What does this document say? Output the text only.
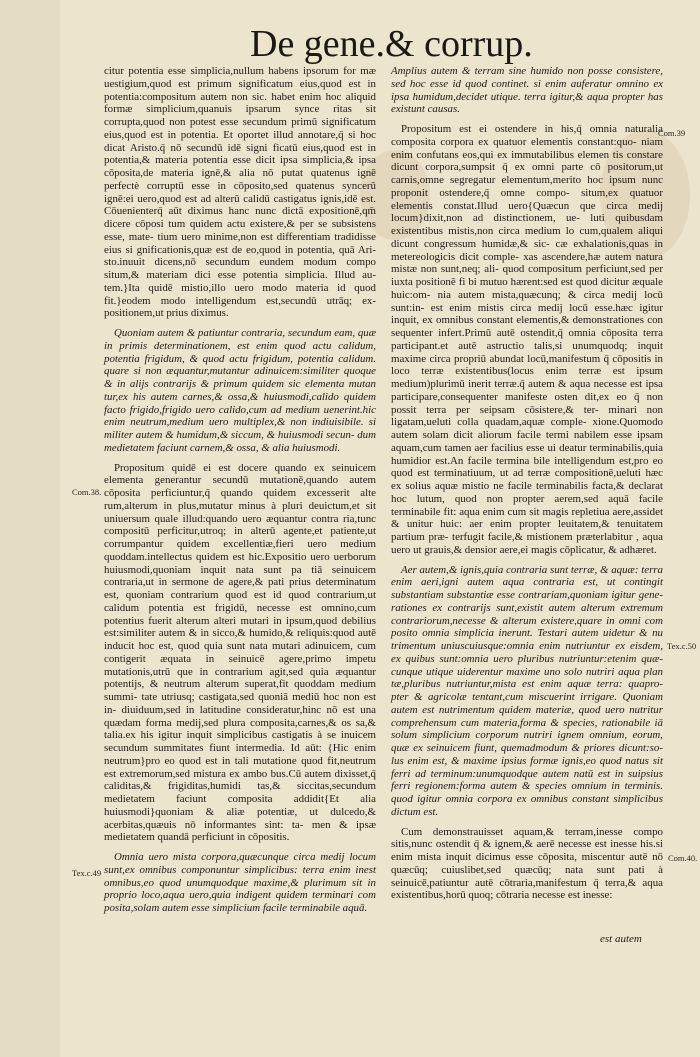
De gene.& corrup.
Com.39
Com.38.
Tex.c.50
Tex.c.49
Com.40.

citur potentia esse simplicia,nullum habens ipsorum for mæ uestigium,quod est primum significatum eius,quod est in potentia:compositum autem non sic. habet enim hoc aliquid formæ simplicium,quanuis ipsarum synce ritas sit corrupta,quod non potest esse secundum primū significatum eius,quod est in potentia. Et oportet illud annotare,q̄ si hoc dicat Aristo.q̄ nō secundū idē signi ficatū eius,quod est in potentia,& materia potentia esse dicit ipsa simplicia,& ipsa cōposita,de materia ignē,& alia nō putat quatenus ignē perfectè corruptū esse in cōposito,sed quatenus syncerū ignē:ei uero,quod est ad alterū calidū castigatus ignis,idē est. Cōuenienterq̄ aūt diximus hanc nunc dictā expositionē,qm̄ dicere cōposi tum quidem actu existere,& per se subsistens esse, mate- tium uero minime,non est differentiam tradidisse eius si gnificationis,quæ est de eo,quod in potentia, quā Ari- sto.inuuit dicens,nō secundum eundem modum compo situm,& materiam dici esse potentia simplicia. Illud au- tem.}Ita quidē mistio,illo uero modo materia id quod fit.}eodem modo intelligendum est,secundū utrāq; ex- positionem,ut prius diximus.

Quoniam autem & patiuntur contraria, secundum eam, quæ in primis determinationem, est enim quod actu calidum, potentia frigidum, & quod actu frigidum, potentia calidum. quare si non æquantur,mutantur adinuicem:similiter quoque & in alijs contrarijs & primum quidem sic elementa mutan tur,ex his autem carnes,& ossa,& huiusmodi,calido quidem facto frigido,frigido uero calido,cum ad medium uenerint.hic enim neutrum,medium uero multiplex,& non indiuisibile. si militer autem & humidum,& siccum, & huiusmodi secun- dum medietatem faciunt carnem,& ossa, & alia huiusmodi.

Propositum quidē ei est docere quando ex seinuicem elementa generantur secundū mutationē,quando autem cōposita perficiuntur,q̄ quando quidem excesserit alte rum,alterum in plus,mutatur minus à pluri deuictum,et sit uniuersum quale illud:quando uero æquantur contra ria,tunc compositū perficitur,utroq; in alterū agente,et patiente,ut corrumpantur quidem excellentiæ,fieri uero medium quoddam.intellectus quidem est hic.Expositio uero uerborum huiusmodi,quoniam inquit nata sunt pa tiā seinuicem contraria,ut in sermone de agere,& pati prius determinatum est, quoniam contrarium quod est id quod contrarium,ut calidum potentia est frigidū, necesse est omnino,cum potentius fuerit alterum alteri mutari in ipsum,quod debilius est:similiter autem & in sicco,& humido,& reliquis:quod autē inducit hoc est, quod quia sunt nata mutari adinuicem, cum contigerit æquata in seinuicē agere,primo impetu mutationis,utrū que in contrarium agit,sed quia æquantur potentijs, & neutrum alterum superat,fit quoddam medium summi- tate utriusq; castigata,sed quoniā mediū hoc non est in- diuiduum,sed in latitudine consideratur,hinc nō est una quædam forma medij,sed plura composita,carnes,& os sa,& talia.ex his igitur inquit simplicibus castigatis à se inuicem secundum summitates fiunt intermedia. Id aūt: {Hic enim neutrum}pro eo quod est in tali mutatione quod fit,neutrum est extremorum,sed mistura ex ambo bus.Cū autem dixisset,q̄ caliditas,& frigiditas,humidi tas,& siccitas,secundum medietatem faciunt composita addidit{Et alia huiusmodi}quoniam & aliæ potentiæ, ut dulcedo,& acerbitas,quæuis nō informantes sint: ta- men & ipsæ medietatem quandā perficiunt in cōpositis.

Omnia uero mista corpora,quæcunque circa medij locum sunt,ex omnibus componuntur simplicibus: terra enim inest omnibus,eo quod unumquodque maxime,& plurimum sit in proprio loco,aqua uero,quia indigent quidem terminari com posita,solam autem esse simplicium facile terminabile aquā.

Amplius autem & terram sine humido non posse consistere, sed hoc esse id quod continet. si enim auferatur omnino ex ipsa humidum,decidet utique. terra igitur,& aqua propter has existunt causas.

Propositum est ei ostendere in his,q̄ omnia naturalia composita corpora ex quatuor elementis constant:quo- niam enim confutans eos,qui ex immutabilibus elemen tis constare dicunt corpora,sumpsit q̄ ex omni parte cō positorum,ut carnis,omne segregatur elementum,merito hoc ipsum nunc proponit ostendere,q̄ omne compo- situm,ex quatuor elementis constat.Illud uero{Quæcun que circa medij locum}dixit,non ad distinctionem, ue- luti quibusdam existentibus mistis,non circa medium lo cum,qualem aliqui dicunt congressum humidæ,& sic- cæ exhalationis,quas in metereologicis dicit comple- xas ascendere,hæ autem natura mistæ non sunt,neq; ali- quod compositum perficiunt,sed per iuxta positionē fi bi mutuo hærent:sed est quod dicitur æquale huic:om- nia autem mista,quæcunq; & circa medij locū sunt:in- est enim mistis circa medij locū esse.hæc igitur inquit, ex omnibus constant elementis,& demonstrationes con sequenter infert.Primū autē ostendit,q̄ omnia cōposita terra participant.et autē astructio talis,si unumquodq; inquit maxime circa propriū abundat locū,manifestum q̄ cōpositis in loco terræ existentibus(locus enim terræ est ipsum medium)plurimū inerit terræ.q̄ autem & aqua necesse est ipsa participare,consequenter manifeste osten dit,ex eo q̄ non possit terra per seipsam cōsistere,& ter- minari non ligatam,ueluti colla quadam,aquæ comple- xione.Quomodo autem solam dicit aliorum facile termi nabilem esse ipsam aquam,cum tamen aer facilius esse ui deatur terminabilis,quia humidior est.An facile termina bile intelligendum est,pro eo quod est terminatiuum, ut ad terræ compositionē,ueluti hæc ex solius aquæ mistio ne facile terminabilis facta,& declarat hoc lutum, quod non propter aerem,sed aquā facile terminabile fit: aqua enim cum sit magis repletiua aere,assidet & unitur huic: aer enim propter leuitatem,& tenuitatem partium præ- terfugit facile,& mistionem præterlabitur , aqua uero ut grauis,& densior aere,ei magis cōplicatur, & adhæret.

Aer autem,& ignis,quia contraria sunt terræ, & aquæ: terra enim aeri,igni autem aqua contraria est, ut contingit substantiam substantiæ esse contrariam,quoniam igitur gene- rationes ex contrarijs sunt,existit autem alterum extremum contrariorum,necesse & alterum existere,quare in omni com posito omnia simplicia inerunt. Testari autem uidetur & nu trimentum uniuscuiusque:omnia enim nutriuntur ex eisdem, ex quibus sunt:omnia uero pluribus nutriuntur:etenim quæ- cunque utique uiderentur maxime uno solo nutriri aqua plan tæ,pluribus nutriuntur,mista est enim aquæ terra: quapro- pter & agricolæ tentant,cum miscuerint irrigare. Quoniam autem est nutrimentum quidem materiæ, quod uero nutritur comprehensum cum materia,forma & species, rationabile iā solum simplicium corporum nutriri ignem omnium, eorum, quæ ex seinuicem fiunt, quemadmodum & priores dicunt:so- lus enim est, & maxime ipsius formæ ignis,eo quod natus sit ferri ad terminum:unumquodque autem natū est in suipsius ferri regionem:forma autem & species omnium in terminis. quod igitur omnia corpora ex omnibus constant simplicibus dictum est.

Cum demonstrauisset aquam,& terram,inesse compo sitis,nunc ostendit q̄ & ignem,& aerē necesse est inesse his.si enim mista inquit dicimus esse cōposita, miscentur autē nō quæcūq; cuiuslibet,sed quæcūq; nata sunt pati à seinuicē,patiuntur autē cōtraria,manifestum q̄ terra,& aqua existentibus,horū quoq; cōtraria necesse est inesse:

est autem
